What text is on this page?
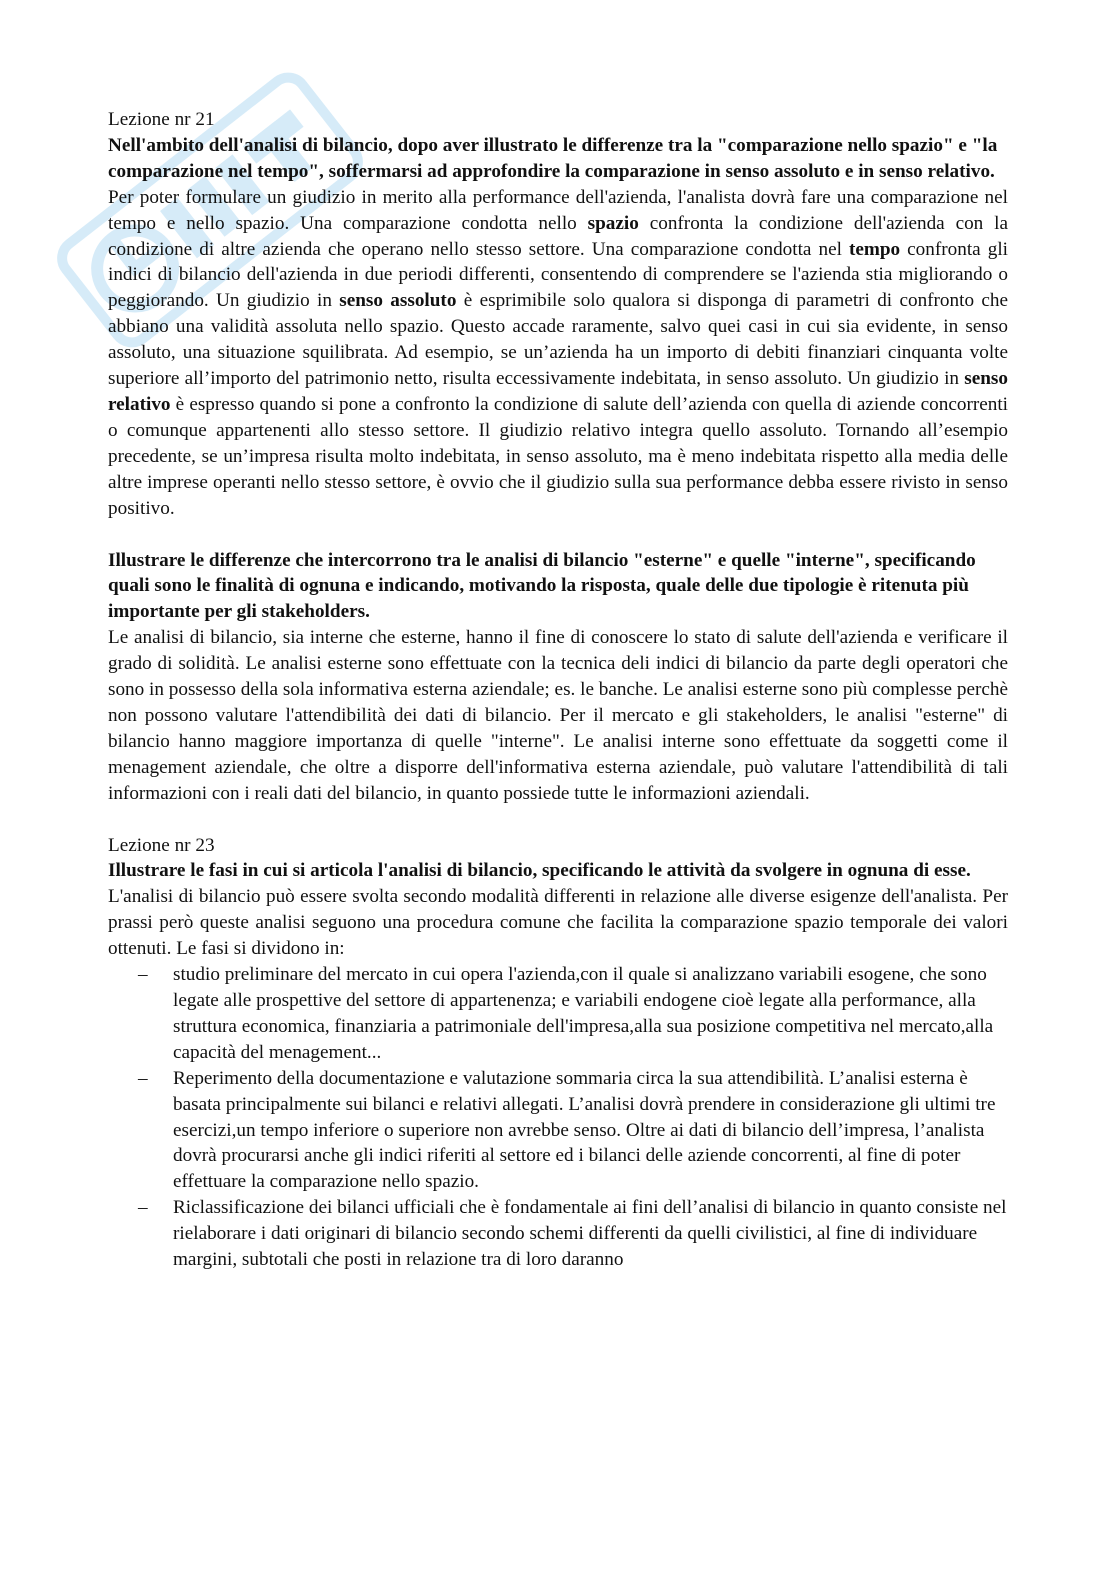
Lezione nr 21

Nell'ambito dell'analisi di bilancio, dopo aver illustrato le differenze tra la "comparazione nello spazio" e "la comparazione nel tempo", soffermarsi ad approfondire la comparazione in senso assoluto e in senso relativo.

Per poter formulare un giudizio in merito alla performance dell'azienda, l'analista dovrà fare una comparazione nel tempo e nello spazio. Una comparazione condotta nello spazio confronta la condizione dell'azienda con la condizione di altre azienda che operano nello stesso settore. Una comparazione condotta nel tempo confronta gli indici di bilancio dell'azienda in due periodi differenti, consentendo di comprendere se l'azienda stia migliorando o peggiorando. Un giudizio in senso assoluto è esprimibile solo qualora si disponga di parametri di confronto che abbiano una validità assoluta nello spazio. Questo accade raramente, salvo quei casi in cui sia evidente, in senso assoluto, una situazione squilibrata. Ad esempio, se un’azienda ha un importo di debiti finanziari cinquanta volte superiore all’importo del patrimonio netto, risulta eccessivamente indebitata, in senso assoluto. Un giudizio in senso relativo è espresso quando si pone a confronto la condizione di salute dell’azienda con quella di aziende concorrenti o comunque appartenenti allo stesso settore. Il giudizio relativo integra quello assoluto. Tornando all’esempio precedente, se un’impresa risulta molto indebitata, in senso assoluto, ma è meno indebitata rispetto alla media delle altre imprese operanti nello stesso settore, è ovvio che il giudizio sulla sua performance debba essere rivisto in senso positivo.

Illustrare le differenze che intercorrono tra le analisi di bilancio "esterne" e quelle "interne", specificando quali sono le finalità di ognuna e indicando, motivando la risposta, quale delle due tipologie è ritenuta più importante per gli stakeholders.

Le analisi di bilancio, sia interne che esterne, hanno il fine di conoscere lo stato di salute dell'azienda e verificare il grado di solidità. Le analisi esterne sono effettuate con la tecnica deli indici di bilancio da parte degli operatori che sono in possesso della sola informativa esterna aziendale; es. le banche. Le analisi esterne sono più complesse perchè non possono valutare l'attendibilità dei dati di bilancio. Per il mercato e gli stakeholders, le analisi "esterne" di bilancio hanno maggiore importanza di quelle "interne". Le analisi interne sono effettuate da soggetti come il menagement aziendale, che oltre a disporre dell'informativa esterna aziendale, può valutare l'attendibilità di tali informazioni con i reali dati del bilancio, in quanto possiede tutte le informazioni aziendali.

Lezione nr 23

Illustrare le fasi in cui si articola l'analisi di bilancio, specificando le attività da svolgere in ognuna di esse.

L'analisi di bilancio può essere svolta secondo modalità differenti in relazione alle diverse esigenze dell'analista. Per prassi però queste analisi seguono una procedura comune che facilita la comparazione spazio temporale dei valori ottenuti. Le fasi si dividono in:

– studio preliminare del mercato in cui opera l'azienda,con il quale si analizzano variabili esogene, che sono legate alle prospettive del settore di appartenenza; e variabili endogene cioè legate alla performance, alla struttura economica, finanziaria a patrimoniale dell'impresa,alla sua posizione competitiva nel mercato,alla capacità del menagement...
– Reperimento della documentazione e valutazione sommaria circa la sua attendibilità. L’analisi esterna è basata principalmente sui bilanci e relativi allegati. L’analisi dovrà prendere in considerazione gli ultimi tre esercizi,un tempo inferiore o superiore non avrebbe senso. Oltre ai dati di bilancio dell’impresa, l’analista dovrà procurarsi anche gli indici riferiti al settore ed i bilanci delle aziende concorrenti, al fine di poter effettuare la comparazione nello spazio.
– Riclassificazione dei bilanci ufficiali che è fondamentale ai fini dell’analisi di bilancio in quanto consiste nel rielaborare i dati originari di bilancio secondo schemi differenti da quelli civilistici, al fine di individuare margini, subtotali che posti in relazione tra di loro daranno
